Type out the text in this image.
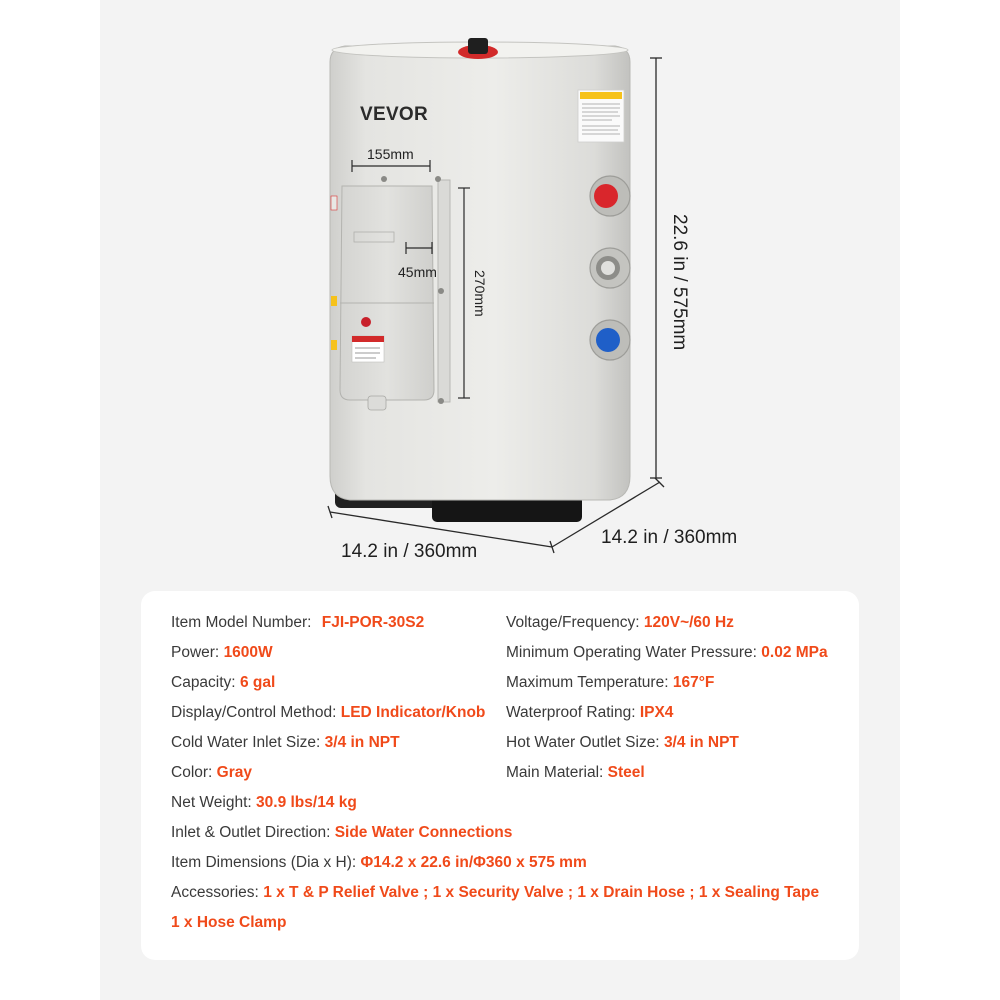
VEVOR
155mm
45mm	270mm	22.6 in / 575mm
14.2 in / 360mm
14.2 in / 360mm
Item Model Number: FJI-POR-30S2
Power: 1600W
Capacity: 6 gal
Display/Control Method: LED Indicator/Knob
Cold Water Inlet Size: 3/4 in NPT
Color: Gray
Net Weight: 30.9 lbs/14 kg
Inlet & Outlet Direction: Side Water Connections
Item Dimensions (Dia x H): Φ14.2 x 22.6 in/Φ360 x 575 mm
Accessories: 1 x T & P Relief Valve ; 1 x Security Valve ; 1 x Drain Hose ; 1 x Sealing Tape
1 x Hose Clamp
Voltage/Frequency: 120V~/60 Hz
Minimum Operating Water Pressure: 0.02 MPa
Maximum Temperature: 167°F
Waterproof Rating: IPX4
Hot Water Outlet Size: 3/4 in NPT
Main Material: Steel
